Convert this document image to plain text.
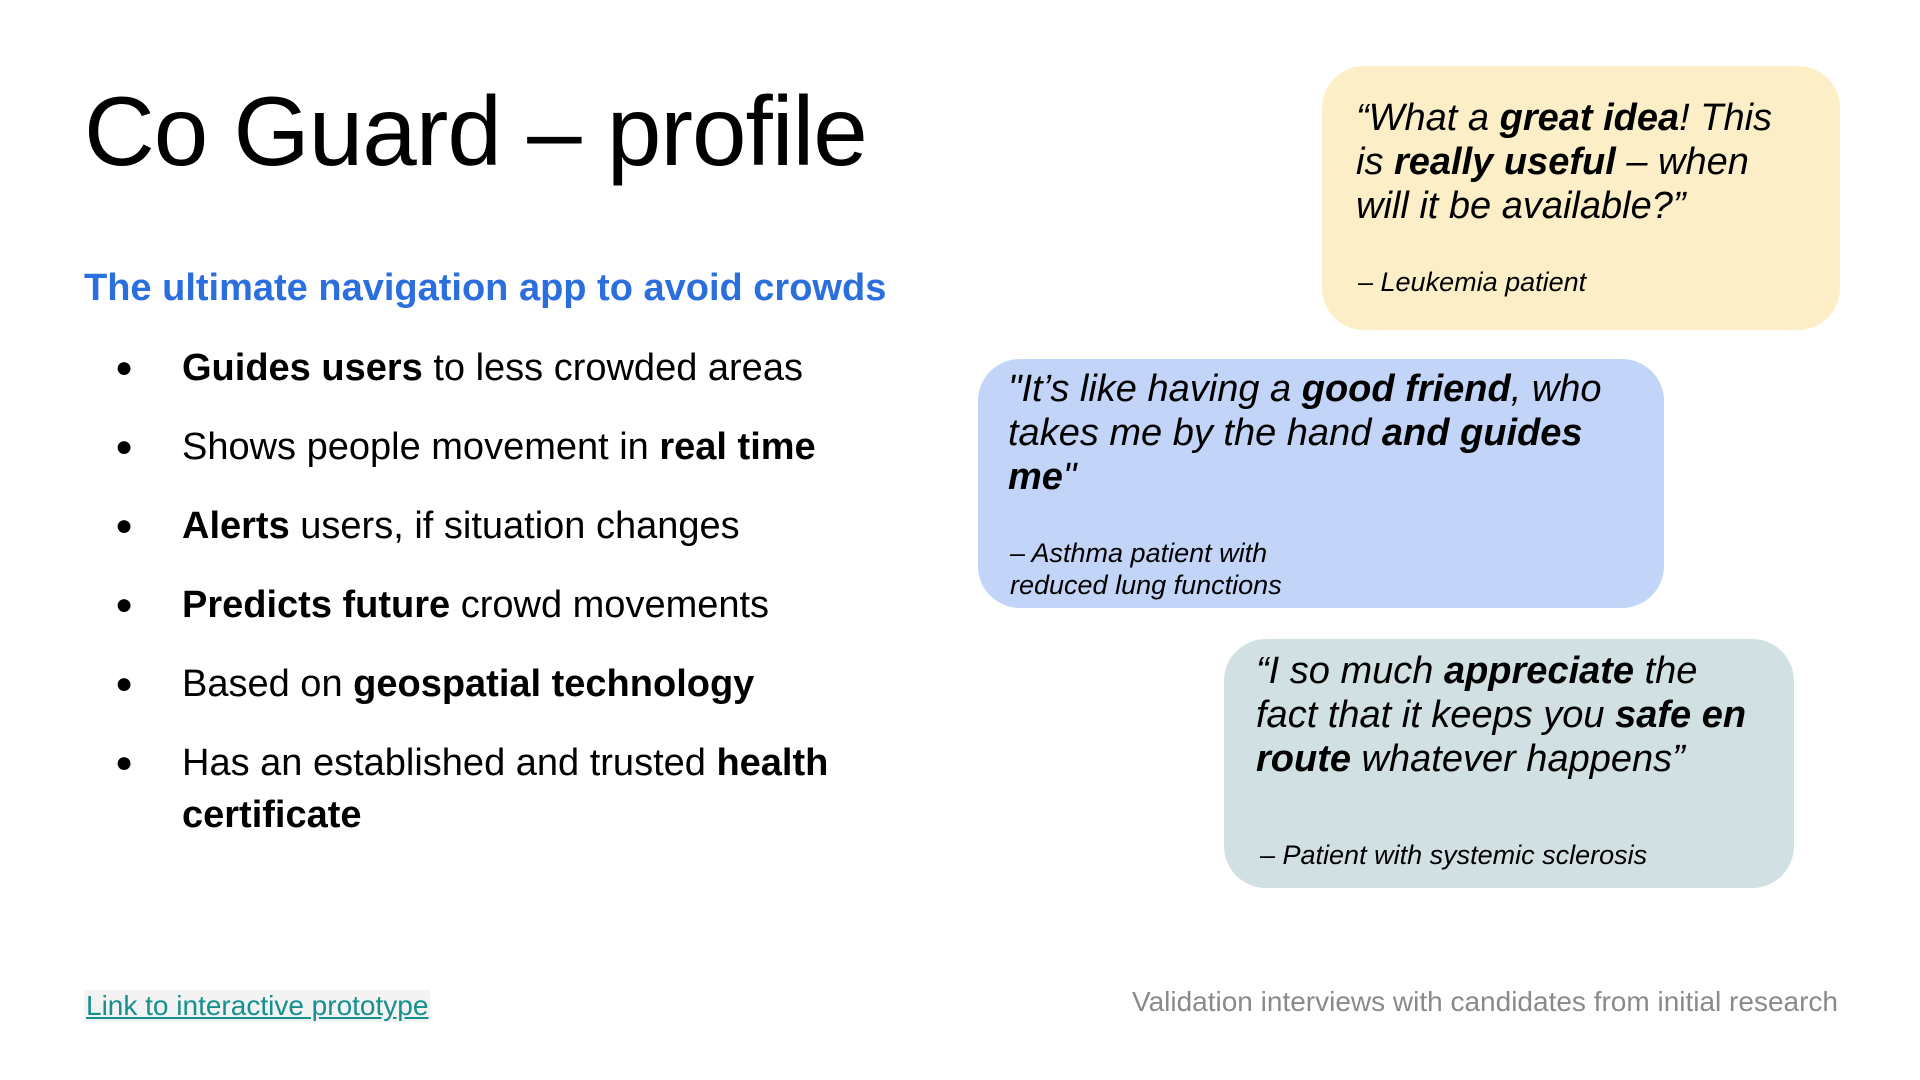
Co Guard – profile

The ultimate navigation app to avoid crowds

● Guides users to less crowded areas
● Shows people movement in real time
● Alerts users, if situation changes
● Predicts future crowd movements
● Based on geospatial technology
● Has an established and trusted health certificate

“What a great idea! This is really useful – when will it be available?”

– Leukemia patient

"It’s like having a good friend, who takes me by the hand and guides me"

– Asthma patient with reduced lung functions

“I so much appreciate the fact that it keeps you safe en route whatever happens”

– Patient with systemic sclerosis

Link to interactive prototype	Validation interviews with candidates from initial research
